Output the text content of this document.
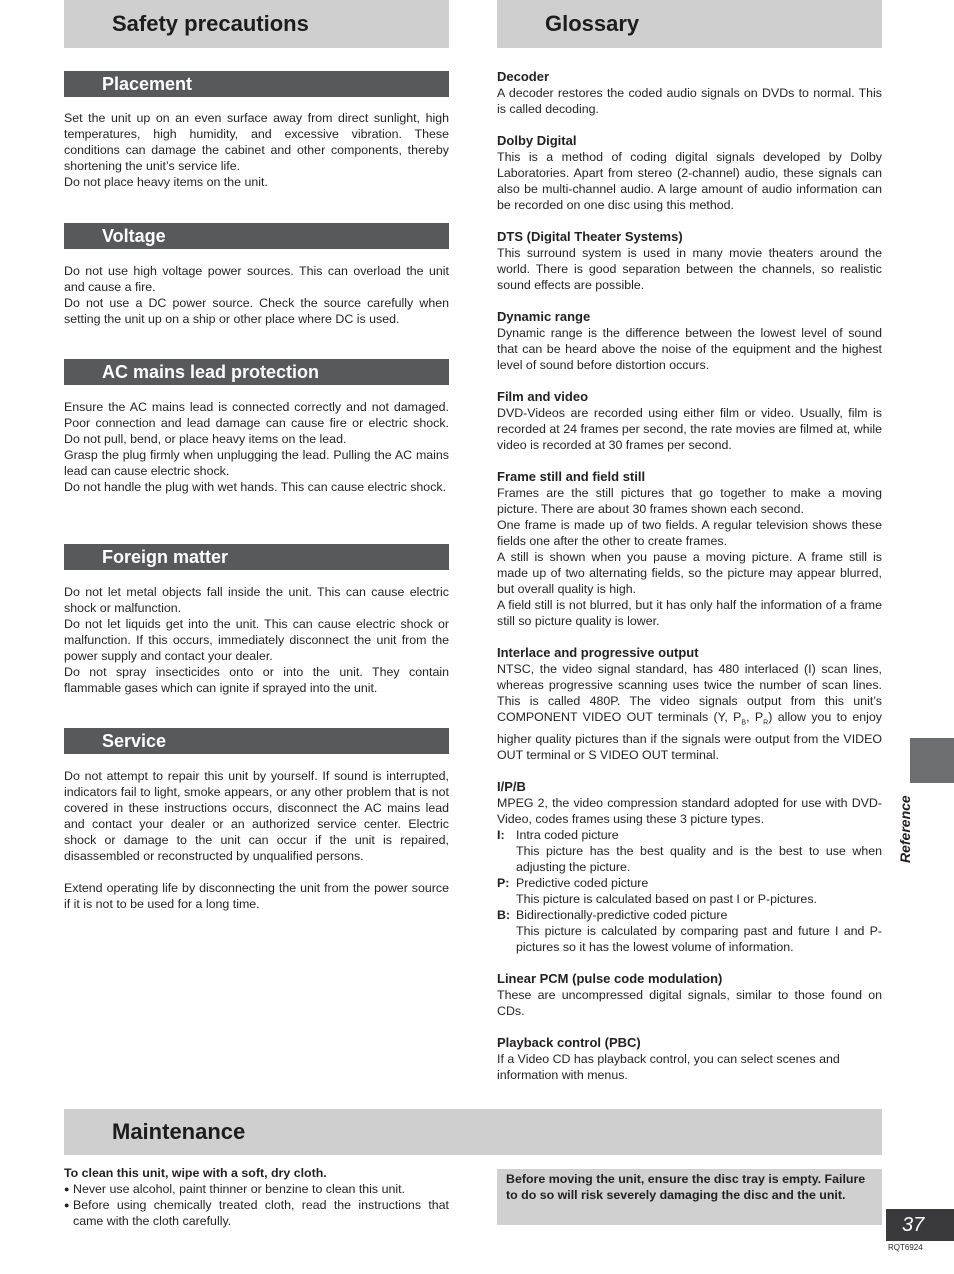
Safety precautions
Placement

Set the unit up on an even surface away from direct sunlight, high temperatures, high humidity, and excessive vibration. These conditions can damage the cabinet and other components, thereby shortening the unit’s service life.

Do not place heavy items on the unit.

Voltage

Do not use high voltage power sources. This can overload the unit and cause a fire.

Do not use a DC power source. Check the source carefully when setting the unit up on a ship or other place where DC is used.

AC mains lead protection

Ensure the AC mains lead is connected correctly and not damaged. Poor connection and lead damage can cause fire or electric shock. Do not pull, bend, or place heavy items on the lead.

Grasp the plug firmly when unplugging the lead. Pulling the AC mains lead can cause electric shock.

Do not handle the plug with wet hands. This can cause electric shock.

Foreign matter

Do not let metal objects fall inside the unit. This can cause electric shock or malfunction.

Do not let liquids get into the unit. This can cause electric shock or malfunction. If this occurs, immediately disconnect the unit from the power supply and contact your dealer.

Do not spray insecticides onto or into the unit. They contain flammable gases which can ignite if sprayed into the unit.

Service

Do not attempt to repair this unit by yourself. If sound is interrupted, indicators fail to light, smoke appears, or any other problem that is not covered in these instructions occurs, disconnect the AC mains lead and contact your dealer or an authorized service center. Electric shock or damage to the unit can occur if the unit is repaired, disassembled or reconstructed by unqualified persons.

Extend operating life by disconnecting the unit from the power source if it is not to be used for a long time.

Glossary

Decoder

A decoder restores the coded audio signals on DVDs to normal. This is called decoding.

Dolby Digital

This is a method of coding digital signals developed by Dolby Laboratories. Apart from stereo (2-channel) audio, these signals can also be multi-channel audio. A large amount of audio information can be recorded on one disc using this method.

DTS (Digital Theater Systems)

This surround system is used in many movie theaters around the world. There is good separation between the channels, so realistic sound effects are possible.

Dynamic range

Dynamic range is the difference between the lowest level of sound that can be heard above the noise of the equipment and the highest level of sound before distortion occurs.

Film and video

DVD-Videos are recorded using either film or video. Usually, film is recorded at 24 frames per second, the rate movies are filmed at, while video is recorded at 30 frames per second.

Frame still and field still

Frames are the still pictures that go together to make a moving picture. There are about 30 frames shown each second.

One frame is made up of two fields. A regular television shows these fields one after the other to create frames.

A still is shown when you pause a moving picture. A frame still is made up of two alternating fields, so the picture may appear blurred, but overall quality is high.

A field still is not blurred, but it has only half the information of a frame still so picture quality is lower.

Interlace and progressive output

NTSC, the video signal standard, has 480 interlaced (I) scan lines, whereas progressive scanning uses twice the number of scan lines. This is called 480P. The video signals output from this unit’s COMPONENT VIDEO OUT terminals (Y, $P_B$, $P_R$) allow you to enjoy higher quality pictures than if the signals were output from the VIDEO OUT terminal or S VIDEO OUT terminal.

I/P/B

MPEG 2, the video compression standard adopted for use with DVD-Video, codes frames using these 3 picture types.

I: Intra coded picture

This picture has the best quality and is the best to use when adjusting the picture.

P: Predictive coded picture

This picture is calculated based on past I or P-pictures.

B: Bidirectionally-predictive coded picture

This picture is calculated by comparing past and future I and P-pictures so it has the lowest volume of information.

Linear PCM (pulse code modulation)

These are uncompressed digital signals, similar to those found on CDs.

Playback control (PBC)

If a Video CD has playback control, you can select scenes and information with menus.

Reference
Maintenance

To clean this unit, wipe with a soft, dry cloth.

● Never use alcohol, paint thinner or benzine to clean this unit.
● Before using chemically treated cloth, read the instructions that came with the cloth carefully.
Before moving the unit, ensure the disc tray is empty. Failure to do so will risk severely damaging the disc and the unit.
37
RQT6924
